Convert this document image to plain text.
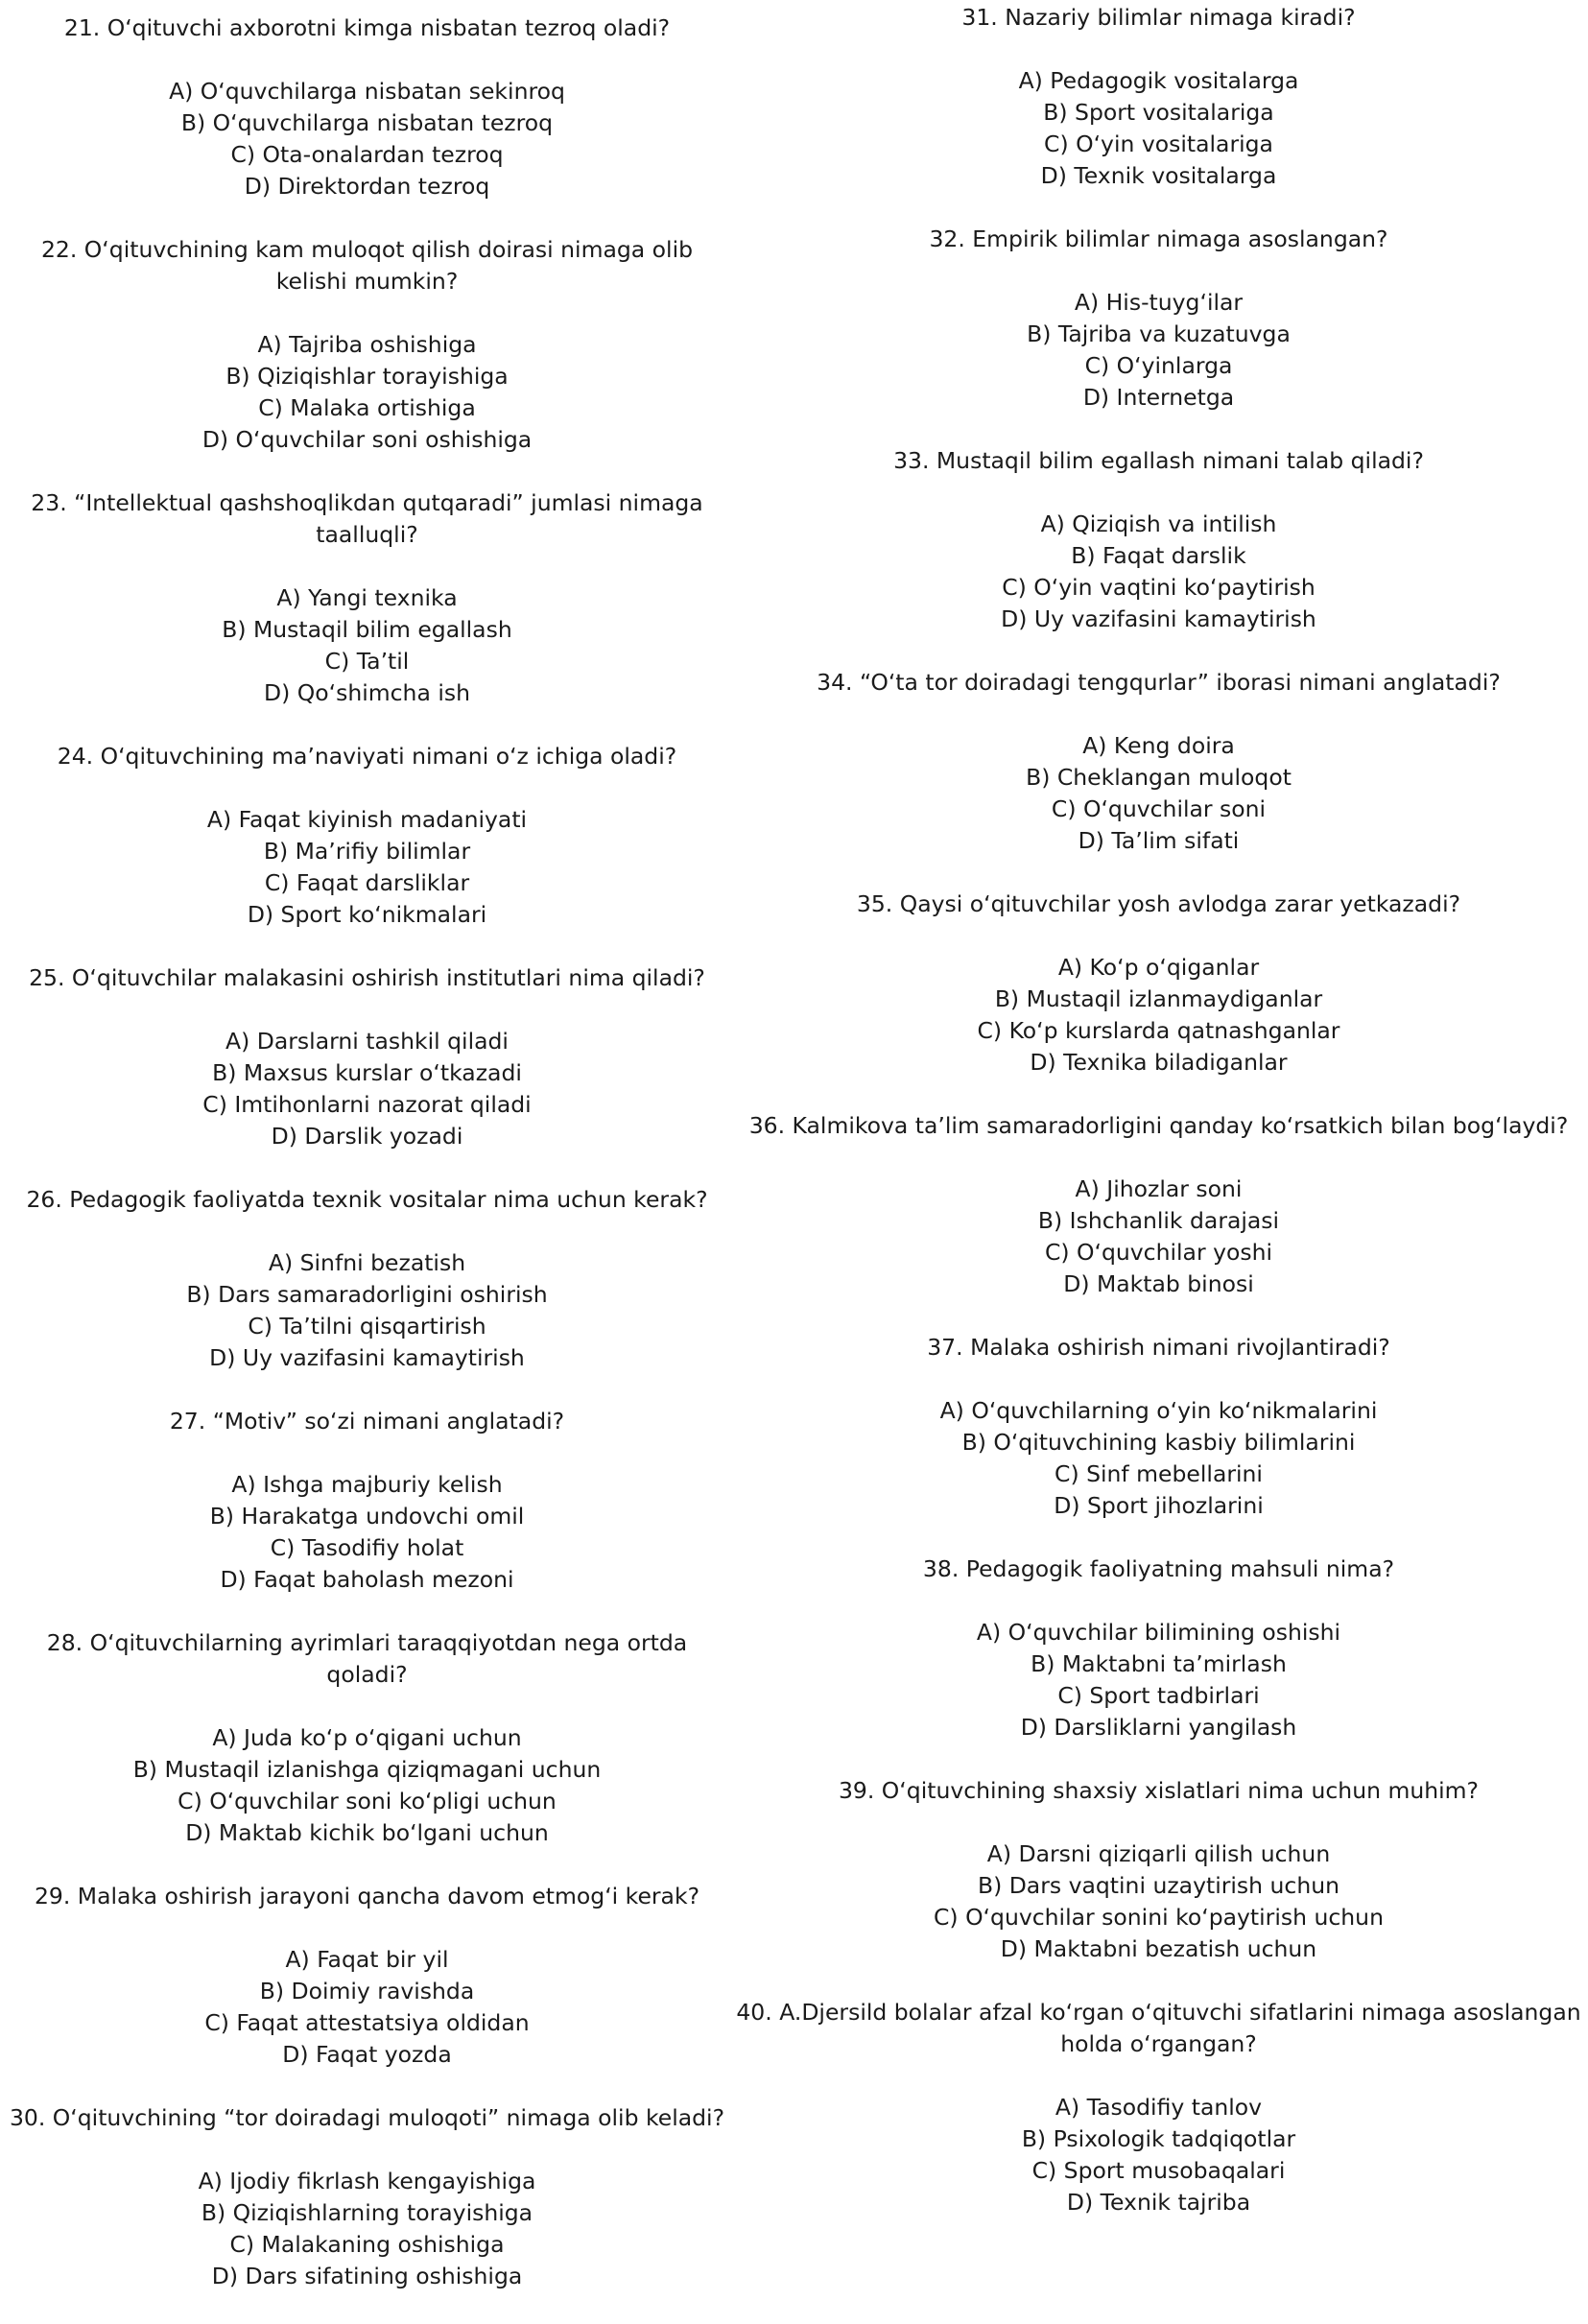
21. O‘qituvchi axborotni kimga nisbatan tezroq oladi?
A) O‘quvchilarga nisbatan sekinroq
B) O‘quvchilarga nisbatan tezroq
C) Ota-onalardan tezroq
D) Direktordan tezroq
22. O‘qituvchining kam muloqot qilish doirasi nimaga olib kelishi mumkin?
A) Tajriba oshishiga
B) Qiziqishlar torayishiga
C) Malaka ortishiga
D) O‘quvchilar soni oshishiga
23. “Intellektual qashshoqlikdan qutqaradi” jumlasi nimaga taalluqli?
A) Yangi texnika
B) Mustaqil bilim egallash
C) Ta’til
D) Qo‘shimcha ish
24. O‘qituvchining ma’naviyati nimani o‘z ichiga oladi?
A) Faqat kiyinish madaniyati
B) Ma’rifiy bilimlar
C) Faqat darsliklar
D) Sport ko‘nikmalari
25. O‘qituvchilar malakasini oshirish institutlari nima qiladi?
A) Darslarni tashkil qiladi
B) Maxsus kurslar o‘tkazadi
C) Imtihonlarni nazorat qiladi
D) Darslik yozadi
26. Pedagogik faoliyatda texnik vositalar nima uchun kerak?
A) Sinfni bezatish
B) Dars samaradorligini oshirish
C) Ta’tilni qisqartirish
D) Uy vazifasini kamaytirish
27. “Motiv” so‘zi nimani anglatadi?
A) Ishga majburiy kelish
B) Harakatga undovchi omil
C) Tasodifiy holat
D) Faqat baholash mezoni
28. O‘qituvchilarning ayrimlari taraqqiyotdan nega ortda qoladi?
A) Juda ko‘p o‘qigani uchun
B) Mustaqil izlanishga qiziqmagani uchun
C) O‘quvchilar soni ko‘pligi uchun
D) Maktab kichik bo‘lgani uchun
29. Malaka oshirish jarayoni qancha davom etmog‘i kerak?
A) Faqat bir yil
B) Doimiy ravishda
C) Faqat attestatsiya oldidan
D) Faqat yozda
30. O‘qituvchining “tor doiradagi muloqoti” nimaga olib keladi?
A) Ijodiy fikrlash kengayishiga
B) Qiziqishlarning torayishiga
C) Malakaning oshishiga
D) Dars sifatining oshishiga
31. Nazariy bilimlar nimaga kiradi?
A) Pedagogik vositalarga
B) Sport vositalariga
C) O‘yin vositalariga
D) Texnik vositalarga
32. Empirik bilimlar nimaga asoslangan?
A) His-tuyg‘ilar
B) Tajriba va kuzatuvga
C) O‘yinlarga
D) Internetga
33. Mustaqil bilim egallash nimani talab qiladi?
A) Qiziqish va intilish
B) Faqat darslik
C) O‘yin vaqtini ko‘paytirish
D) Uy vazifasini kamaytirish
34. “O‘ta tor doiradagi tengqurlar” iborasi nimani anglatadi?
A) Keng doira
B) Cheklangan muloqot
C) O‘quvchilar soni
D) Ta’lim sifati
35. Qaysi o‘qituvchilar yosh avlodga zarar yetkazadi?
A) Ko‘p o‘qiganlar
B) Mustaqil izlanmaydiganlar
C) Ko‘p kurslarda qatnashganlar
D) Texnika biladiganlar
36. Kalmikova ta’lim samaradorligini qanday ko‘rsatkich bilan bog‘laydi?
A) Jihozlar soni
B) Ishchanlik darajasi
C) O‘quvchilar yoshi
D) Maktab binosi
37. Malaka oshirish nimani rivojlantiradi?
A) O‘quvchilarning o‘yin ko‘nikmalarini
B) O‘qituvchining kasbiy bilimlarini
C) Sinf mebellarini
D) Sport jihozlarini
38. Pedagogik faoliyatning mahsuli nima?
A) O‘quvchilar bilimining oshishi
B) Maktabni ta’mirlash
C) Sport tadbirlari
D) Darsliklarni yangilash
39. O‘qituvchining shaxsiy xislatlari nima uchun muhim?
A) Darsni qiziqarli qilish uchun
B) Dars vaqtini uzaytirish uchun
C) O‘quvchilar sonini ko‘paytirish uchun
D) Maktabni bezatish uchun
40. A.Djersild bolalar afzal ko‘rgan o‘qituvchi sifatlarini nimaga asoslangan holda o‘rgangan?
A) Tasodifiy tanlov
B) Psixologik tadqiqotlar
C) Sport musobaqalari
D) Texnik tajriba
